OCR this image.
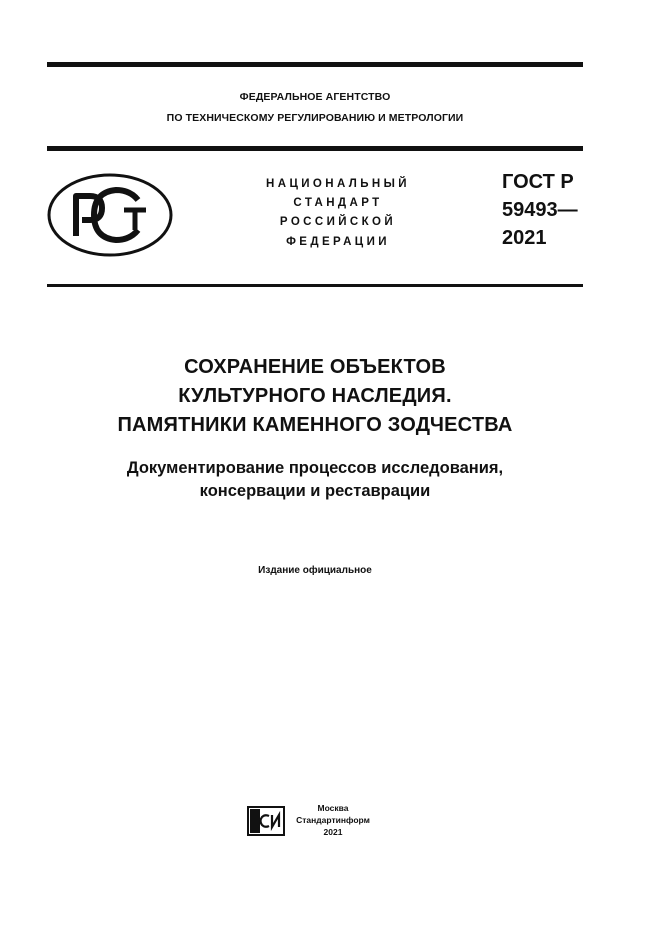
ФЕДЕРАЛЬНОЕ АГЕНТСТВО
ПО ТЕХНИЧЕСКОМУ РЕГУЛИРОВАНИЮ И МЕТРОЛОГИИ
НАЦИОНАЛЬНЫЙ
СТАНДАРТ
РОССИЙСКОЙ
ФЕДЕРАЦИИ
ГОСТ Р
59493—
2021
СОХРАНЕНИЕ ОБЪЕКТОВ
КУЛЬТУРНОГО НАСЛЕДИЯ.
ПАМЯТНИКИ КАМЕННОГО ЗОДЧЕСТВА
Документирование процессов исследования,
консервации и реставрации
Издание официальное
Москва
Стандартинформ
2021
